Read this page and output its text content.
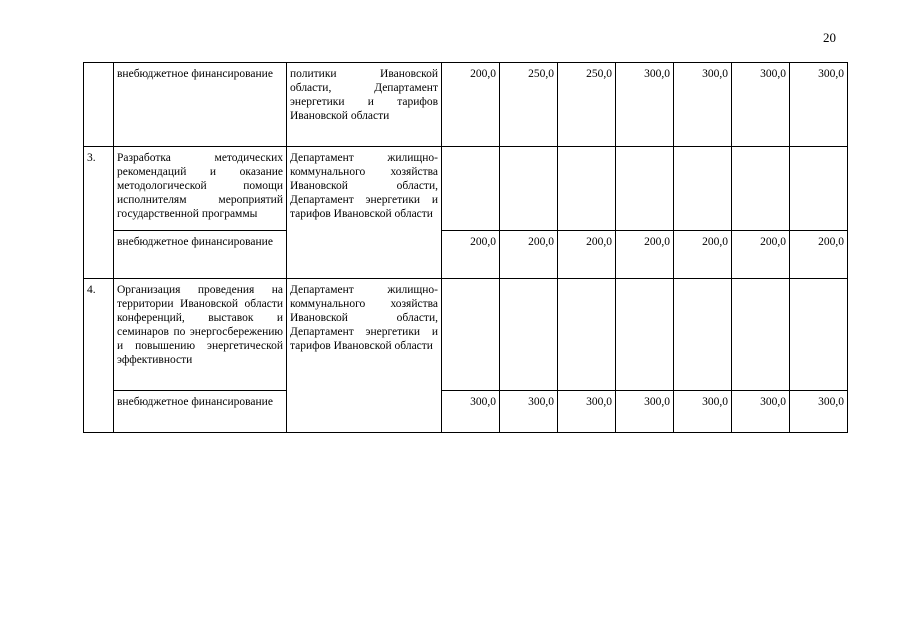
20
	внебюджетное финансирование	политики Ивановской области, Департамент энергетики и тарифов Ивановской области	200,0	250,0	250,0	300,0	300,0	300,0	300,0
3.	Разработка методических рекомендаций и оказание методологической помощи исполнителям мероприятий государственной программы	Департамент жилищно-коммунального хозяйства Ивановской области, Департамент энергетики и тарифов Ивановской области							
	внебюджетное финансирование		200,0	200,0	200,0	200,0	200,0	200,0	200,0
4.	Организация проведения на территории Ивановской области конференций, выставок и семинаров по энергосбережению и повышению энергетической эффективности	Департамент жилищно-коммунального хозяйства Ивановской области, Департамент энергетики и тарифов Ивановской области							
	внебюджетное финансирование		300,0	300,0	300,0	300,0	300,0	300,0	300,0
